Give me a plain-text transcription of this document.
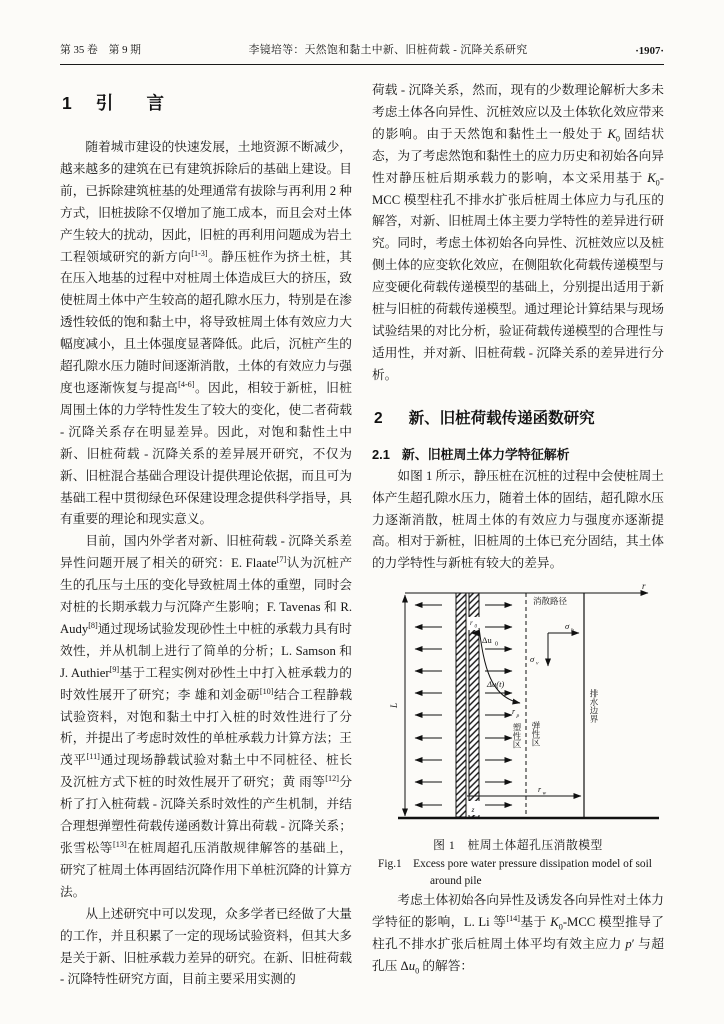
第 35 卷　第 9 期	李镜培等：天然饱和黏土中新、旧桩荷载 - 沉降关系研究	·1907·
1 引　言

随着城市建设的快速发展，土地资源不断减少，越来越多的建筑在已有建筑拆除后的基础上建设。目前，已拆除建筑桩基的处理通常有拔除与再利用 2 种方式，旧桩拔除不仅增加了施工成本，而且会对土体产生较大的扰动，因此，旧桩的再利用问题成为岩土工程领域研究的新方向[1-3]。静压桩作为挤土桩，其在压入地基的过程中对桩周土体造成巨大的挤压，致使桩周土体中产生较高的超孔隙水压力，特别是在渗透性较低的饱和黏土中，将导致桩周土体有效应力大幅度减小，且土体强度显著降低。此后，沉桩产生的超孔隙水压力随时间逐渐消散，土体的有效应力与强度也逐渐恢复与提高[4-6]。因此，相较于新桩，旧桩周围土体的力学特性发生了较大的变化，使二者荷载 - 沉降关系存在明显差异。因此，对饱和黏性土中新、旧桩荷载 - 沉降关系的差异展开研究，不仅为新、旧桩混合基础合理设计提供理论依据，而且可为基础工程中贯彻绿色环保建设理念提供科学指导，具有重要的理论和现实意义。

目前，国内外学者对新、旧桩荷载 - 沉降关系差异性问题开展了相关的研究：E. Flaate[7]认为沉桩产生的孔压与土压的变化导致桩周土体的重塑，同时会对桩的长期承载力与沉降产生影响；F. Tavenas 和 R. Audy[8]通过现场试验发现砂性土中桩的承载力具有时效性，并从机制上进行了简单的分析；L. Samson 和 J. Authier[9]基于工程实例对砂性土中打入桩承载力的时效性展开了研究；李 雄和刘金砺[10]结合工程静载试验资料，对饱和黏土中打入桩的时效性进行了分析，并提出了考虑时效性的单桩承载力计算方法；王茂平[11]通过现场静载试验对黏土中不同桩径、桩长及沉桩方式下桩的时效性展开了研究；黄 雨等[12]分析了打入桩荷载 - 沉降关系时效性的产生机制，并结合理想弹塑性荷载传递函数计算出荷载 - 沉降关系；张雪松等[13]在桩周超孔压消散规律解答的基础上，研究了桩周土体再固结沉降作用下单桩沉降的计算方法。

从上述研究中可以发现，众多学者已经做了大量的工作，并且积累了一定的现场试验资料，但其大多是关于新、旧桩承载力差异的研究。在新、旧桩荷载 - 沉降特性研究方面，目前主要采用实测的

荷载 - 沉降关系，然而，现有的少数理论解析大多未考虑土体各向异性、沉桩效应以及土体软化效应带来的影响。由于天然饱和黏性土一般处于 $K_0$ 固结状态，为了考虑然饱和黏性土的应力历史和初始各向异性对静压桩后期承载力的影响，本文采用基于 $K_0$-MCC 模型柱孔不排水扩张后桩周土体应力与孔压的解答，对新、旧桩周土体主要力学特性的差异进行研究。同时，考虑土体初始各向异性、沉桩效应以及桩侧土体的应变软化效应，在侧阻软化荷载传递模型与应变硬化荷载传递模型的基础上，分别提出适用于新桩与旧桩的荷载传递模型。通过理论计算结果与现场试验结果的对比分析，验证荷载传递模型的合理性与适用性，并对新、旧桩荷载 - 沉降关系的差异进行分析。

2 新、旧桩荷载传递函数研究
2.1 新、旧桩周土体力学特征解析

如图 1 所示，静压桩在沉桩的过程中会使桩周土体产生超孔隙水压力，随着土体的固结，超孔隙水压力逐渐消散，桩周土体的有效应力与强度亦逐渐提高。相对于新桩，旧桩周的土体已充分固结，其土体的力学特性与新桩有较大的差异。

r
L
r 0
z
Δu 0
Δu(t)
r p
塑性区 弹性区
消散路径
σ h
σ v
排水边界
r w
图 1　桩周土体超孔压消散模型
Fig.1　Excess pore water pressure dissipation model of soil
around pile

考虑土体初始各向异性及诱发各向异性对土体力学特征的影响，L. Li 等[14]基于 $K_0$-MCC 模型推导了柱孔不排水扩张后桩周土体平均有效主应力 p′ 与超孔压 $\Delta u_0$ 的解答：
